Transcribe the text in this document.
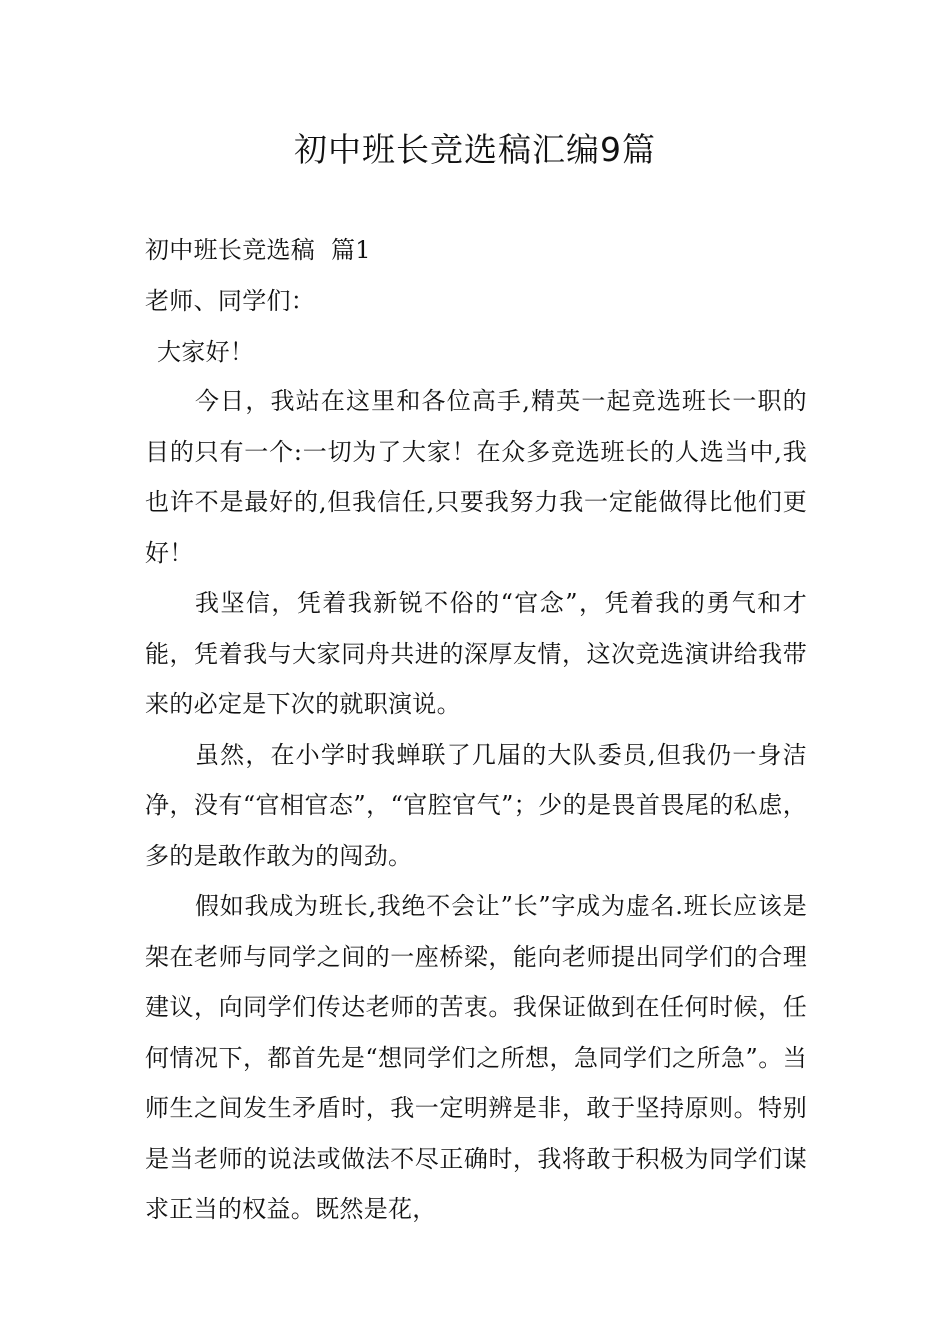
初中班长竞选稿汇编9篇

初中班长竞选稿  篇1

老师、同学们：

大家好！

今日，我站在这里和各位高手,精英一起竞选班长一职的目的只有一个:一切为了大家！在众多竞选班长的人选当中,我也许不是最好的,但我信任,只要我努力我一定能做得比他们更好！

我坚信，凭着我新锐不俗的“官念”，凭着我的勇气和才能，凭着我与大家同舟共进的深厚友情，这次竞选演讲给我带来的必定是下次的就职演说。

虽然，在小学时我蝉联了几届的大队委员,但我仍一身洁净，没有“官相官态”，“官腔官气”；少的是畏首畏尾的私虑，多的是敢作敢为的闯劲。

假如我成为班长,我绝不会让”长”字成为虚名.班长应该是架在老师与同学之间的一座桥梁，能向老师提出同学们的合理建议，向同学们传达老师的苦衷。我保证做到在任何时候，任何情况下，都首先是“想同学们之所想，急同学们之所急”。当师生之间发生矛盾时，我一定明辨是非，敢于坚持原则。特别是当老师的说法或做法不尽正确时，我将敢于积极为同学们谋求正当的权益。既然是花，
